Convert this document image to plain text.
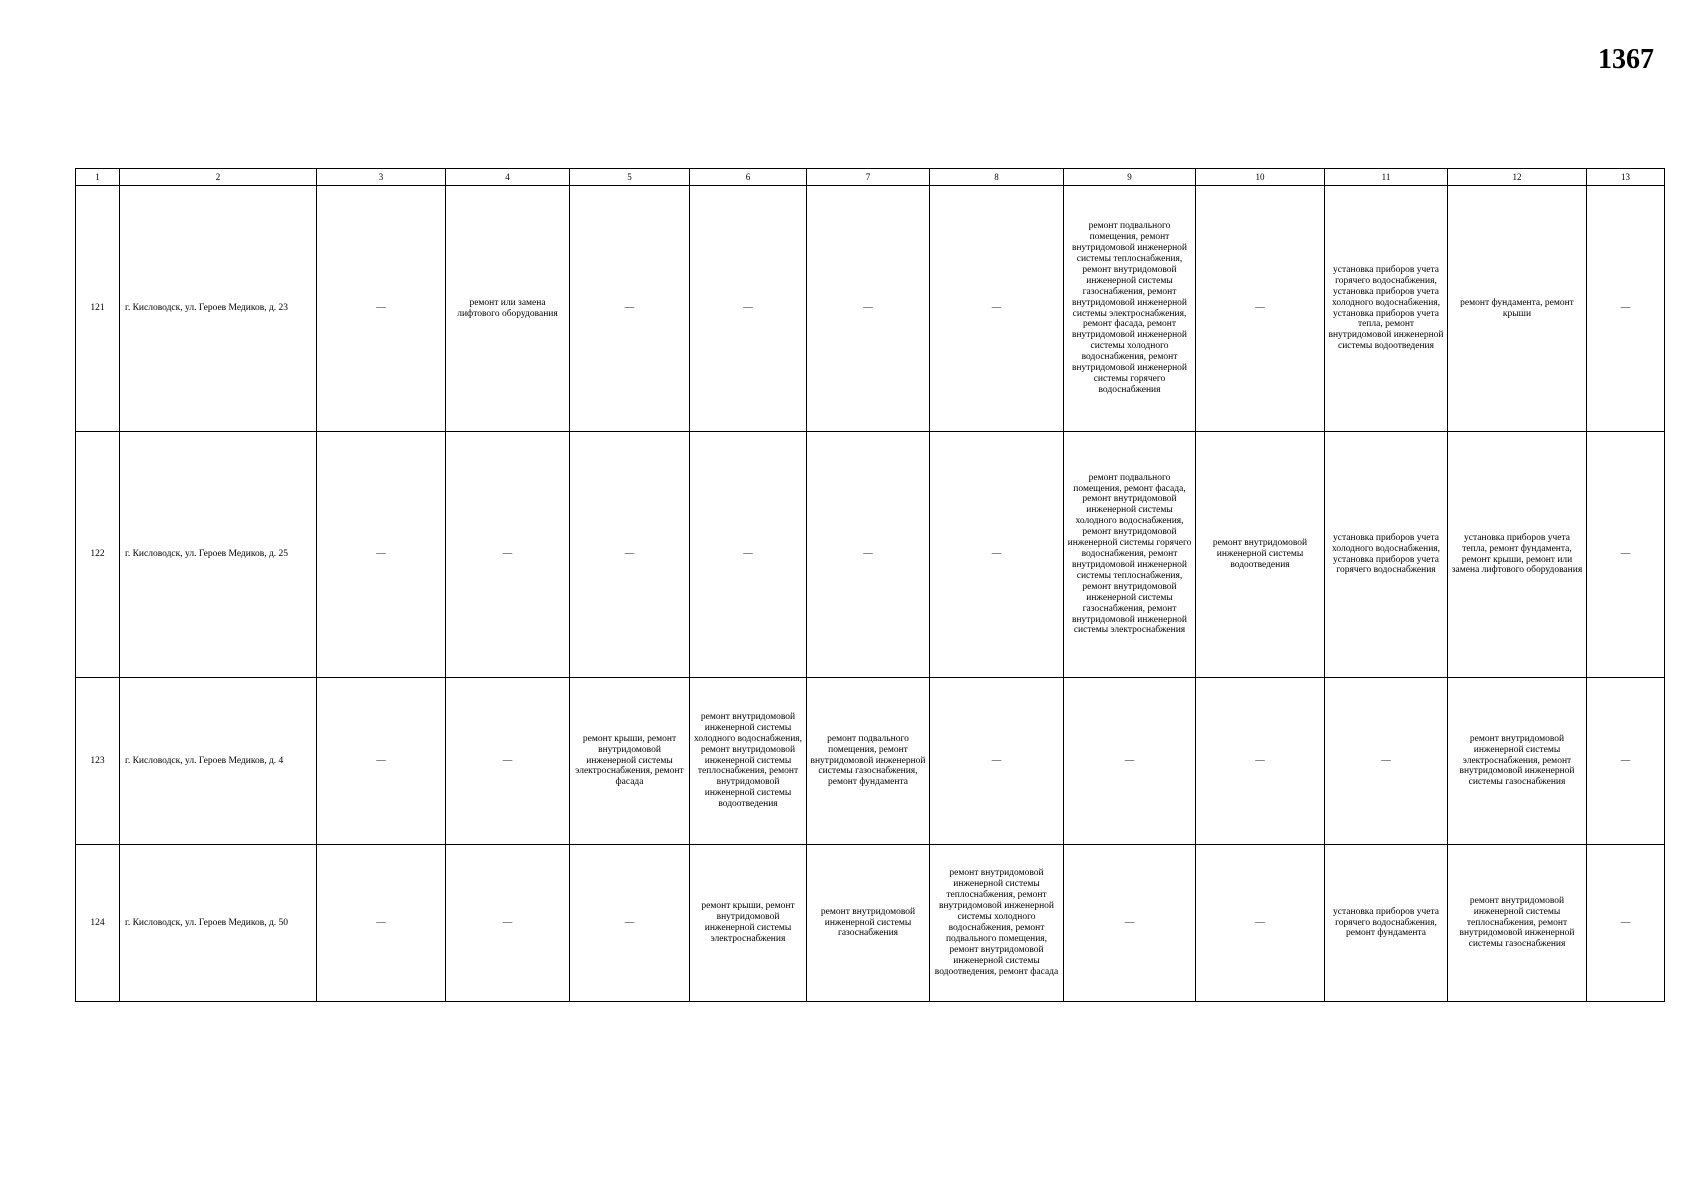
1367
1	2	3	4	5	6	7	8	9	10	11	12	13
121	г. Кисловодск, ул. Героев Медиков, д. 23	—	ремонт или замена лифтового оборудования	—	—	—	—	ремонт подвального помещения, ремонт внутридомовой инженерной системы теплоснабжения, ремонт внутридомовой инженерной системы газоснабжения, ремонт внутридомовой инженерной системы электроснабжения, ремонт фасада, ремонт внутридомовой инженерной системы холодного водоснабжения, ремонт внутридомовой инженерной системы горячего водоснабжения	—	установка приборов учета горячего водоснабжения, установка приборов учета холодного водоснабжения, установка приборов учета тепла, ремонт внутридомовой инженерной системы водоотведения	ремонт фундамента, ремонт крыши	—
122	г. Кисловодск, ул. Героев Медиков, д. 25	—	—	—	—	—	—	ремонт подвального помещения, ремонт фасада, ремонт внутридомовой инженерной системы холодного водоснабжения, ремонт внутридомовой инженерной системы горячего водоснабжения, ремонт внутридомовой инженерной системы теплоснабжения, ремонт внутридомовой инженерной системы газоснабжения, ремонт внутридомовой инженерной системы электроснабжения	ремонт внутридомовой инженерной системы водоотведения	установка приборов учета холодного водоснабжения, установка приборов учета горячего водоснабжения	установка приборов учета тепла, ремонт фундамента, ремонт крыши, ремонт или замена лифтового оборудования	—
123	г. Кисловодск, ул. Героев Медиков, д. 4	—	—	ремонт крыши, ремонт внутридомовой инженерной системы электроснабжения, ремонт фасада	ремонт внутридомовой инженерной системы холодного водоснабжения, ремонт внутридомовой инженерной системы теплоснабжения, ремонт внутридомовой инженерной системы водоотведения	ремонт подвального помещения, ремонт внутридомовой инженерной системы газоснабжения, ремонт фундамента	—	—	—	—	ремонт внутридомовой инженерной системы электроснабжения, ремонт внутридомовой инженерной системы газоснабжения	—
124	г. Кисловодск, ул. Героев Медиков, д. 50	—	—	—	ремонт крыши, ремонт внутридомовой инженерной системы электроснабжения	ремонт внутридомовой инженерной системы газоснабжения	ремонт внутридомовой инженерной системы теплоснабжения, ремонт внутридомовой инженерной системы холодного водоснабжения, ремонт подвального помещения, ремонт внутридомовой инженерной системы водоотведения, ремонт фасада	—	—	установка приборов учета горячего водоснабжения, ремонт фундамента	ремонт внутридомовой инженерной системы теплоснабжения, ремонт внутридомовой инженерной системы газоснабжения	—
